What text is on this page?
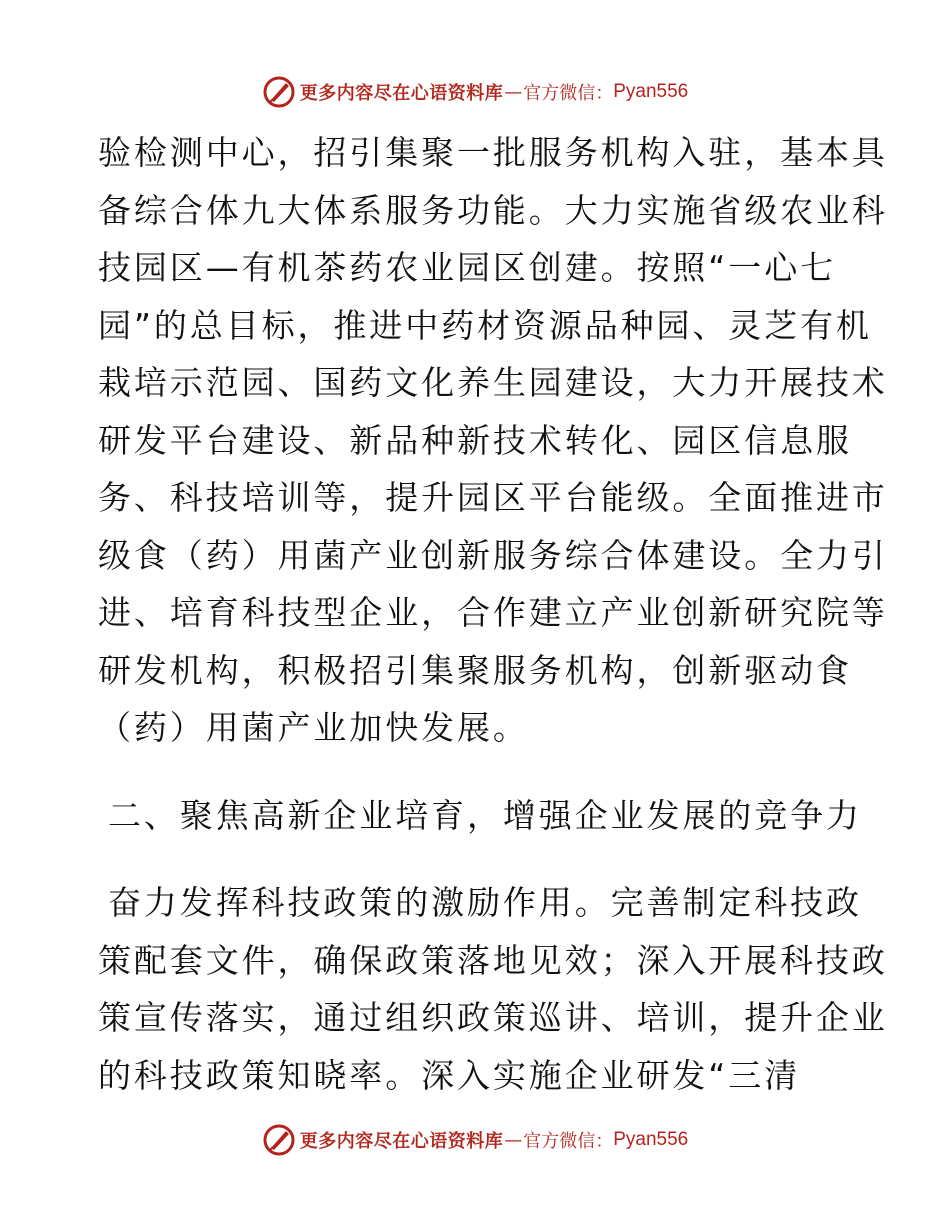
更多内容尽在心语资料库 — 官方微信： Pyan556
验检测中心，招引集聚一批服务机构入驻，基本具
备综合体九大体系服务功能。大力实施省级农业科
技园区—有机茶药农业园区创建。按照“一心七
园”的总目标，推进中药材资源品种园、灵芝有机
栽培示范园、国药文化养生园建设，大力开展技术
研发平台建设、新品种新技术转化、园区信息服
务、科技培训等，提升园区平台能级。全面推进市
级食（药）用菌产业创新服务综合体建设。全力引
进、培育科技型企业，合作建立产业创新研究院等
研发机构，积极招引集聚服务机构，创新驱动食
（药）用菌产业加快发展。
二、聚焦高新企业培育，增强企业发展的竞争力
奋力发挥科技政策的激励作用。完善制定科技政
策配套文件，确保政策落地见效；深入开展科技政
策宣传落实，通过组织政策巡讲、培训，提升企业
的科技政策知晓率。深入实施企业研发“三清
更多内容尽在心语资料库 — 官方微信： Pyan556
